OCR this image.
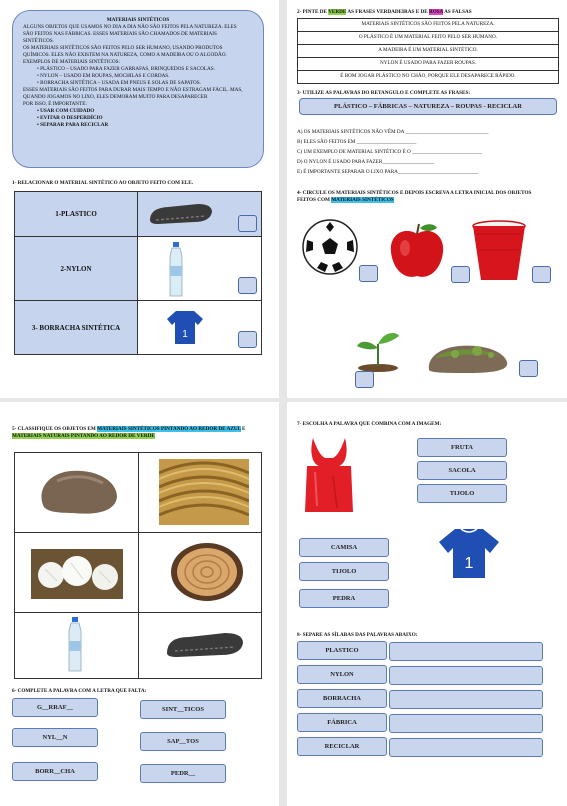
MATERIAIS SINTÉTICOS
ALGUNS OBJETOS QUE USAMOS NO DIA A DIA NÃO SÃO FEITOS PELA NATUREZA. ELES
SÃO FEITOS NAS FÁBRICAS. ESSES MATERIAIS SÃO CHAMADOS DE MATERIAIS
SINTÉTICOS.
OS MATERIAIS SINTÉTICOS SÃO FEITOS PELO SER HUMANO, USANDO PRODUTOS
QUÍMICOS. ELES NÃO EXISTEM NA NATUREZA, COMO A MADEIRA OU O ALGODÃO.
EXEMPLOS DE MATERIAIS SINTÉTICOS:
• PLÁSTICO – USADO PARA FAZER GARRAFAS, BRINQUEDOS E SACOLAS.
• NYLON – USADO EM ROUPAS, MOCHILAS E CORDAS.
• BORRACHA SINTÉTICA – USADA EM PNEUS E SOLAS DE SAPATOS.
ESSES MATERIAIS SÃO FEITOS PARA DURAR MAIS TEMPO E NÃO ESTRAGAM FÁCIL. MAS,
QUANDO JOGAMOS NO LIXO, ELES DEMORAM MUITO PARA DESAPARECER
POR ISSO, É IMPORTANTE:
• USAR COM CUIDADO
• EVITAR O DESPERDÍCIO
• SEPARAR PARA RECICLAR
1- RELACIONAR O MATERIAL SINTÉTICO AO OBJETO FEITO COM ELE.
1-PLASTICO	

2-NYLON	

3- BORRACHA SINTÉTICA	1
2- PINTE DE VERDE AS FRASES VERDADEIRAS E DE ROSA AS FALSAS
MATERIAIS SINTÉTICOS SÃO FEITOS PELA NATUREZA.
O PLÁSTICO É UM MATERIAL FEITO PELO SER HUMANO.
A MADEIRA É UM MATERIAL SINTÉTICO.
NYLON É USADO PARA FAZER ROUPAS.
É BOM JOGAR PLÁSTICO NO CHÃO, PORQUE ELE DESAPARECE RÁPIDO.
3- UTILIZE AS PALAVRAS DO RETANGULO E COMPLETE AS FRASES:
PLÁSTICO – FÁBRICAS – NATUREZA – ROUPAS - RECICLAR
A) OS MATERIAIS SINTÉTICOS NÃO VÊM DA ________________________________
B) ELES SÃO FEITOS EM _______________________
C) UM EXEMPLO DE MATERIAL SINTÉTICO É O ___________________________
D) O NYLON É USADO PARA FAZER____________________
E) É IMPORTANTE SEPARAR O LIXO PARA_______________________________
4- CIRCULE OS MATERIAIS SINTÉTICOS E DEPOIS ESCREVA A LETRA INICIAL DOS OBJETOS
FEITOS COM MATERIAIS SINTÉTICOS
5- CLASSIFIQUE OS OBJETOS EM MATERIAIS SINTÉTICOS PINTANDO AO REDOR DE AZUL E
MATERIAIS NATURAIS PINTANDO AO REDOR DE VERDE

6- COMPLETE A PALAVRA COM A LETRA QUE FALTA:
G__RRAF__	SINT__TICOS
NYL__N
SAP__TOS
BORR__CHA	PEDR__
7- ESCOLHA A PALAVRA QUE COMBINA COM A IMAGEM:
FRUTA
SACOLA
TIJOLO
CAMISA
TIJOLO
PEDRA
1
8- SEPARE AS SÍLABAS DAS PALAVRAS ABAIXO:
PLASTICO
NYLON
BORRACHA
FÁBRICA
RECICLAR
